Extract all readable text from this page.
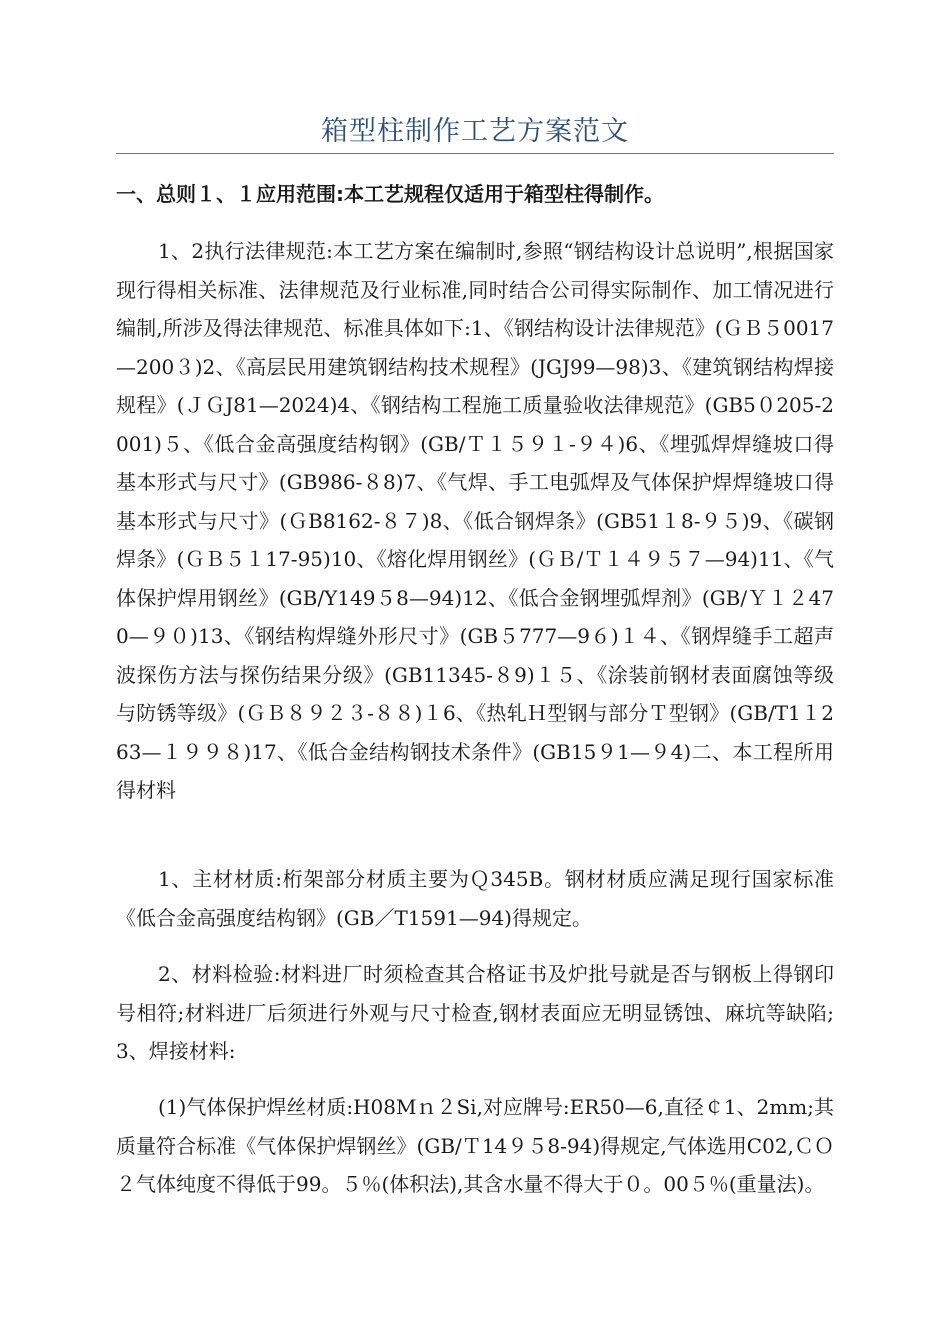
箱型柱制作工艺方案范文

一、总则１、１应用范围:本工艺规程仅适用于箱型柱得制作。

1、2执行法律规范:本工艺方案在编制时,参照“钢结构设计总说明”,根据国家现行得相关标准、法律规范及行业标准,同时结合公司得实际制作、加工情况进行编制,所涉及得法律规范、标准具体如下:1、《钢结构设计法律规范》(ＧＢ５0017—200３)2、《高层民用建筑钢结构技术规程》(JGJ99—98)3、《建筑钢结构焊接规程》(ＪＧJ81—2024)4、《钢结构工程施工质量验收法律规范》(GB5０205-2001)５、《低合金高强度结构钢》(GB/Ｔ１５９１-９４)6、《埋弧焊焊缝坡口得基本形式与尺寸》(GB986-８8)7、《气焊、手工电弧焊及气体保护焊焊缝坡口得基本形式与尺寸》(ＧB8162-８７)8、《低合钢焊条》(GB51１8-９５)9、《碳钢焊条》(ＧＢ５１17-95)10、《熔化焊用钢丝》(ＧＢ/Ｔ１４９５７—94)11、《气体保护焊用钢丝》(GB/Y149５8—94)12、《低合金钢埋弧焊剂》(GB/Ｙ１２470—９０)13、《钢结构焊缝外形尺寸》(GB５777—9６)１４、《钢焊缝手工超声波探伤方法与探伤结果分级》(GB11345-８9)１５、《涂装前钢材表面腐蚀等级与防锈等级》(ＧＢ８９２３-８８)１6、《热轧Ｈ型钢与部分Ｔ型钢》(GB/T1１263—１９９８)17、《低合金结构钢技术条件》(GB15９1—９4)二、本工程所用得材料

1、主材材质:桁架部分材质主要为Ｑ345B。钢材材质应满足现行国家标准《低合金高强度结构钢》(GB／T1591—94)得规定。

2、材料检验:材料进厂时须检查其合格证书及炉批号就是否与钢板上得钢印号相符;材料进厂后须进行外观与尺寸检查,钢材表面应无明显锈蚀、麻坑等缺陷;3、焊接材料:

(1)气体保护焊丝材质:H08Mｎ２Si,对应牌号:ER50—6,直径￠1、2mm;其质量符合标准《气体保护焊钢丝》(GB/Ｔ14９５8-94)得规定,气体选用C02,ＣＯ２气体纯度不得低于99。５％(体积法),其含水量不得大于０。00５％(重量法)。
